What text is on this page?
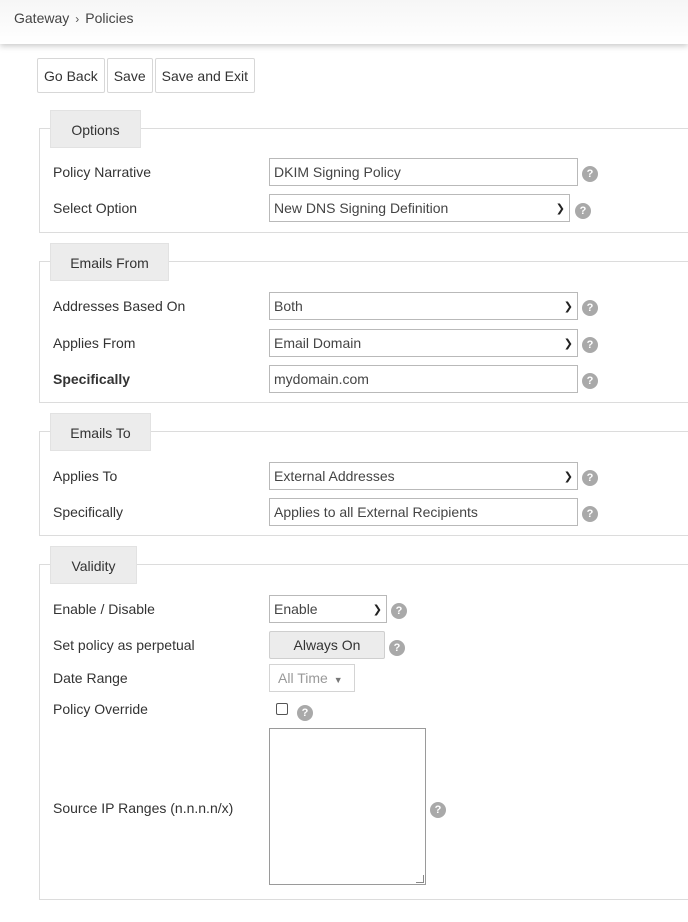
Gateway › Policies
Go Back	Save	Save and Exit
Options
Policy Narrative	DKIM Signing Policy	?
Select Option	New DNS Signing Definition	❯	?
Emails From
Addresses Based On	Both	❯	?
Applies From	Email Domain	❯	?
Specifically	mydomain.com	?
Emails To
Applies To	External Addresses	❯	?
Specifically	Applies to all External Recipients	?
Validity
Enable / Disable	Enable	❯	?
Set policy as perpetual	Always On	?
Date Range	All Time ▼
Policy Override	?
Source IP Ranges (n.n.n.n/x)	?
